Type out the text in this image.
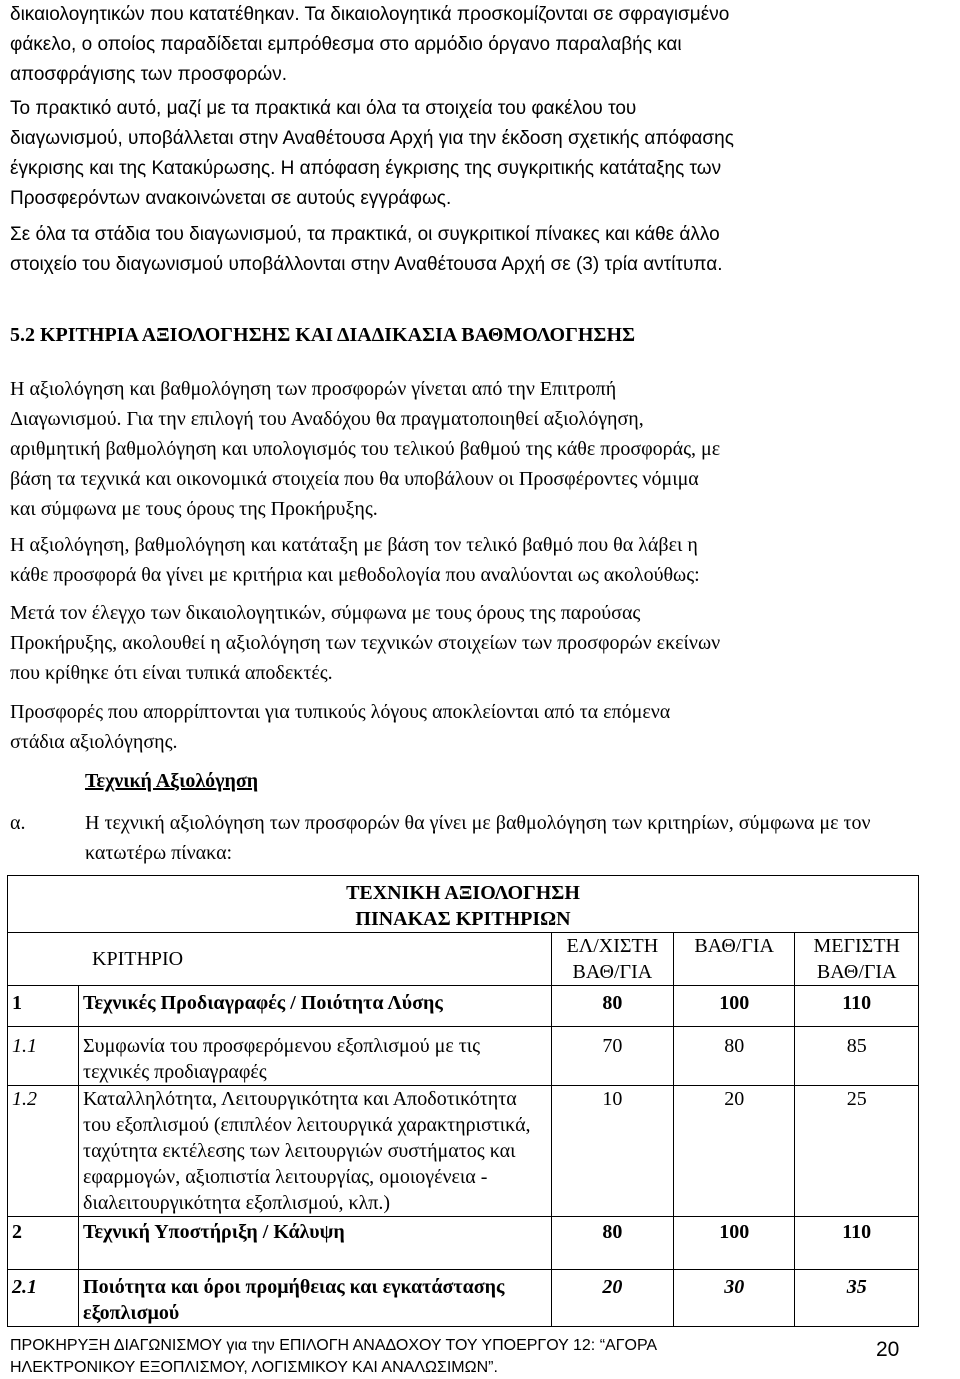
δικαιολογητικών που κατατέθηκαν. Τα δικαιολογητικά προσκομίζονται σε σφραγισμένο
φάκελο, ο οποίος παραδίδεται εμπρόθεσμα στο αρμόδιο όργανο παραλαβής και
αποσφράγισης των προσφορών.
Το πρακτικό αυτό, μαζί με τα πρακτικά και όλα τα στοιχεία του φακέλου του
διαγωνισμού, υποβάλλεται στην Αναθέτουσα Αρχή για την έκδοση σχετικής απόφασης
έγκρισης και της Κατακύρωσης. Η απόφαση έγκρισης της συγκριτικής κατάταξης των
Προσφερόντων ανακοινώνεται σε αυτούς εγγράφως.
Σε όλα τα στάδια του διαγωνισμού, τα πρακτικά, οι συγκριτικοί πίνακες και κάθε άλλο
στοιχείο του διαγωνισμού υποβάλλονται στην Αναθέτουσα Αρχή σε (3) τρία αντίτυπα.
5.2 ΚΡΙΤΗΡΙΑ ΑΞΙΟΛΟΓΗΣΗΣ ΚΑΙ ΔΙΑΔΙΚΑΣΙΑ ΒΑΘΜΟΛΟΓΗΣΗΣ
Η αξιολόγηση και βαθμολόγηση των προσφορών γίνεται από την Επιτροπή
Διαγωνισμού. Για την επιλογή του Αναδόχου θα πραγματοποιηθεί αξιολόγηση,
αριθμητική βαθμολόγηση και υπολογισμός του τελικού βαθμού της κάθε προσφοράς, με
βάση τα τεχνικά και οικονομικά στοιχεία που θα υποβάλουν οι Προσφέροντες νόμιμα
και σύμφωνα με τους όρους της Προκήρυξης.
Η αξιολόγηση, βαθμολόγηση και κατάταξη με βάση τον τελικό βαθμό που θα λάβει η
κάθε προσφορά θα γίνει με κριτήρια και μεθοδολογία που αναλύονται ως ακολούθως:
Μετά τον έλεγχο των δικαιολογητικών, σύμφωνα με τους όρους της παρούσας
Προκήρυξης, ακολουθεί η αξιολόγηση των τεχνικών στοιχείων των προσφορών εκείνων
που κρίθηκε ότι είναι τυπικά αποδεκτές.
Προσφορές που απορρίπτονται για τυπικούς λόγους αποκλείονται από τα επόμενα
στάδια αξιολόγησης.
Τεχνική Αξιολόγηση
α.	Η τεχνική αξιολόγηση των προσφορών θα γίνει με βαθμολόγηση των κριτηρίων, σύμφωνα με τον κατωτέρω πίνακα:
ΤΕΧΝΙΚΗ ΑΞΙΟΛΟΓΗΣΗ
ΠΙΝΑΚΑΣ ΚΡΙΤΗΡΙΩΝ				

ΚΡΙΤΗΡΙΟ		ΕΛ/ΧΙΣΤΗ ΒΑΘ/ΓΙΑ	ΒΑΘ/ΓΙΑ	ΜΕΓΙΣΤΗ ΒΑΘ/ΓΙΑ
1	Τεχνικές Προδιαγραφές / Ποιότητα Λύσης	80	100	110
1.1	Συμφωνία του προσφερόμενου εξοπλισμού με τις τεχνικές προδιαγραφές	70	80	85
1.2	Καταλληλότητα, Λειτουργικότητα και Αποδοτικότητα του εξοπλισμού (επιπλέον λειτουργικά χαρακτηριστικά, ταχύτητα εκτέλεσης των λειτουργιών συστήματος και εφαρμογών, αξιοπιστία λειτουργίας, ομοιογένεια - διαλειτουργικότητα εξοπλισμού, κλπ.)	10	20	25
2	Τεχνική Υποστήριξη / Κάλυψη	80	100	110
2.1	Ποιότητα και όροι προμήθειας και εγκατάστασης εξοπλισμού	20	30	35
ΠΡΟΚΗΡΥΞΗ ΔΙΑΓΩΝΙΣΜΟΥ για την ΕΠΙΛΟΓΗ ΑΝΑΔΟΧΟΥ ΤΟΥ ΥΠΟΕΡΓΟΥ 12: “ΑΓΟΡΑ
ΗΛΕΚΤΡΟΝΙΚΟΥ ΕΞΟΠΛΙΣΜΟΥ, ΛΟΓΙΣΜΙΚΟΥ ΚΑΙ ΑΝΑΛΩΣΙΜΩΝ”.
20
